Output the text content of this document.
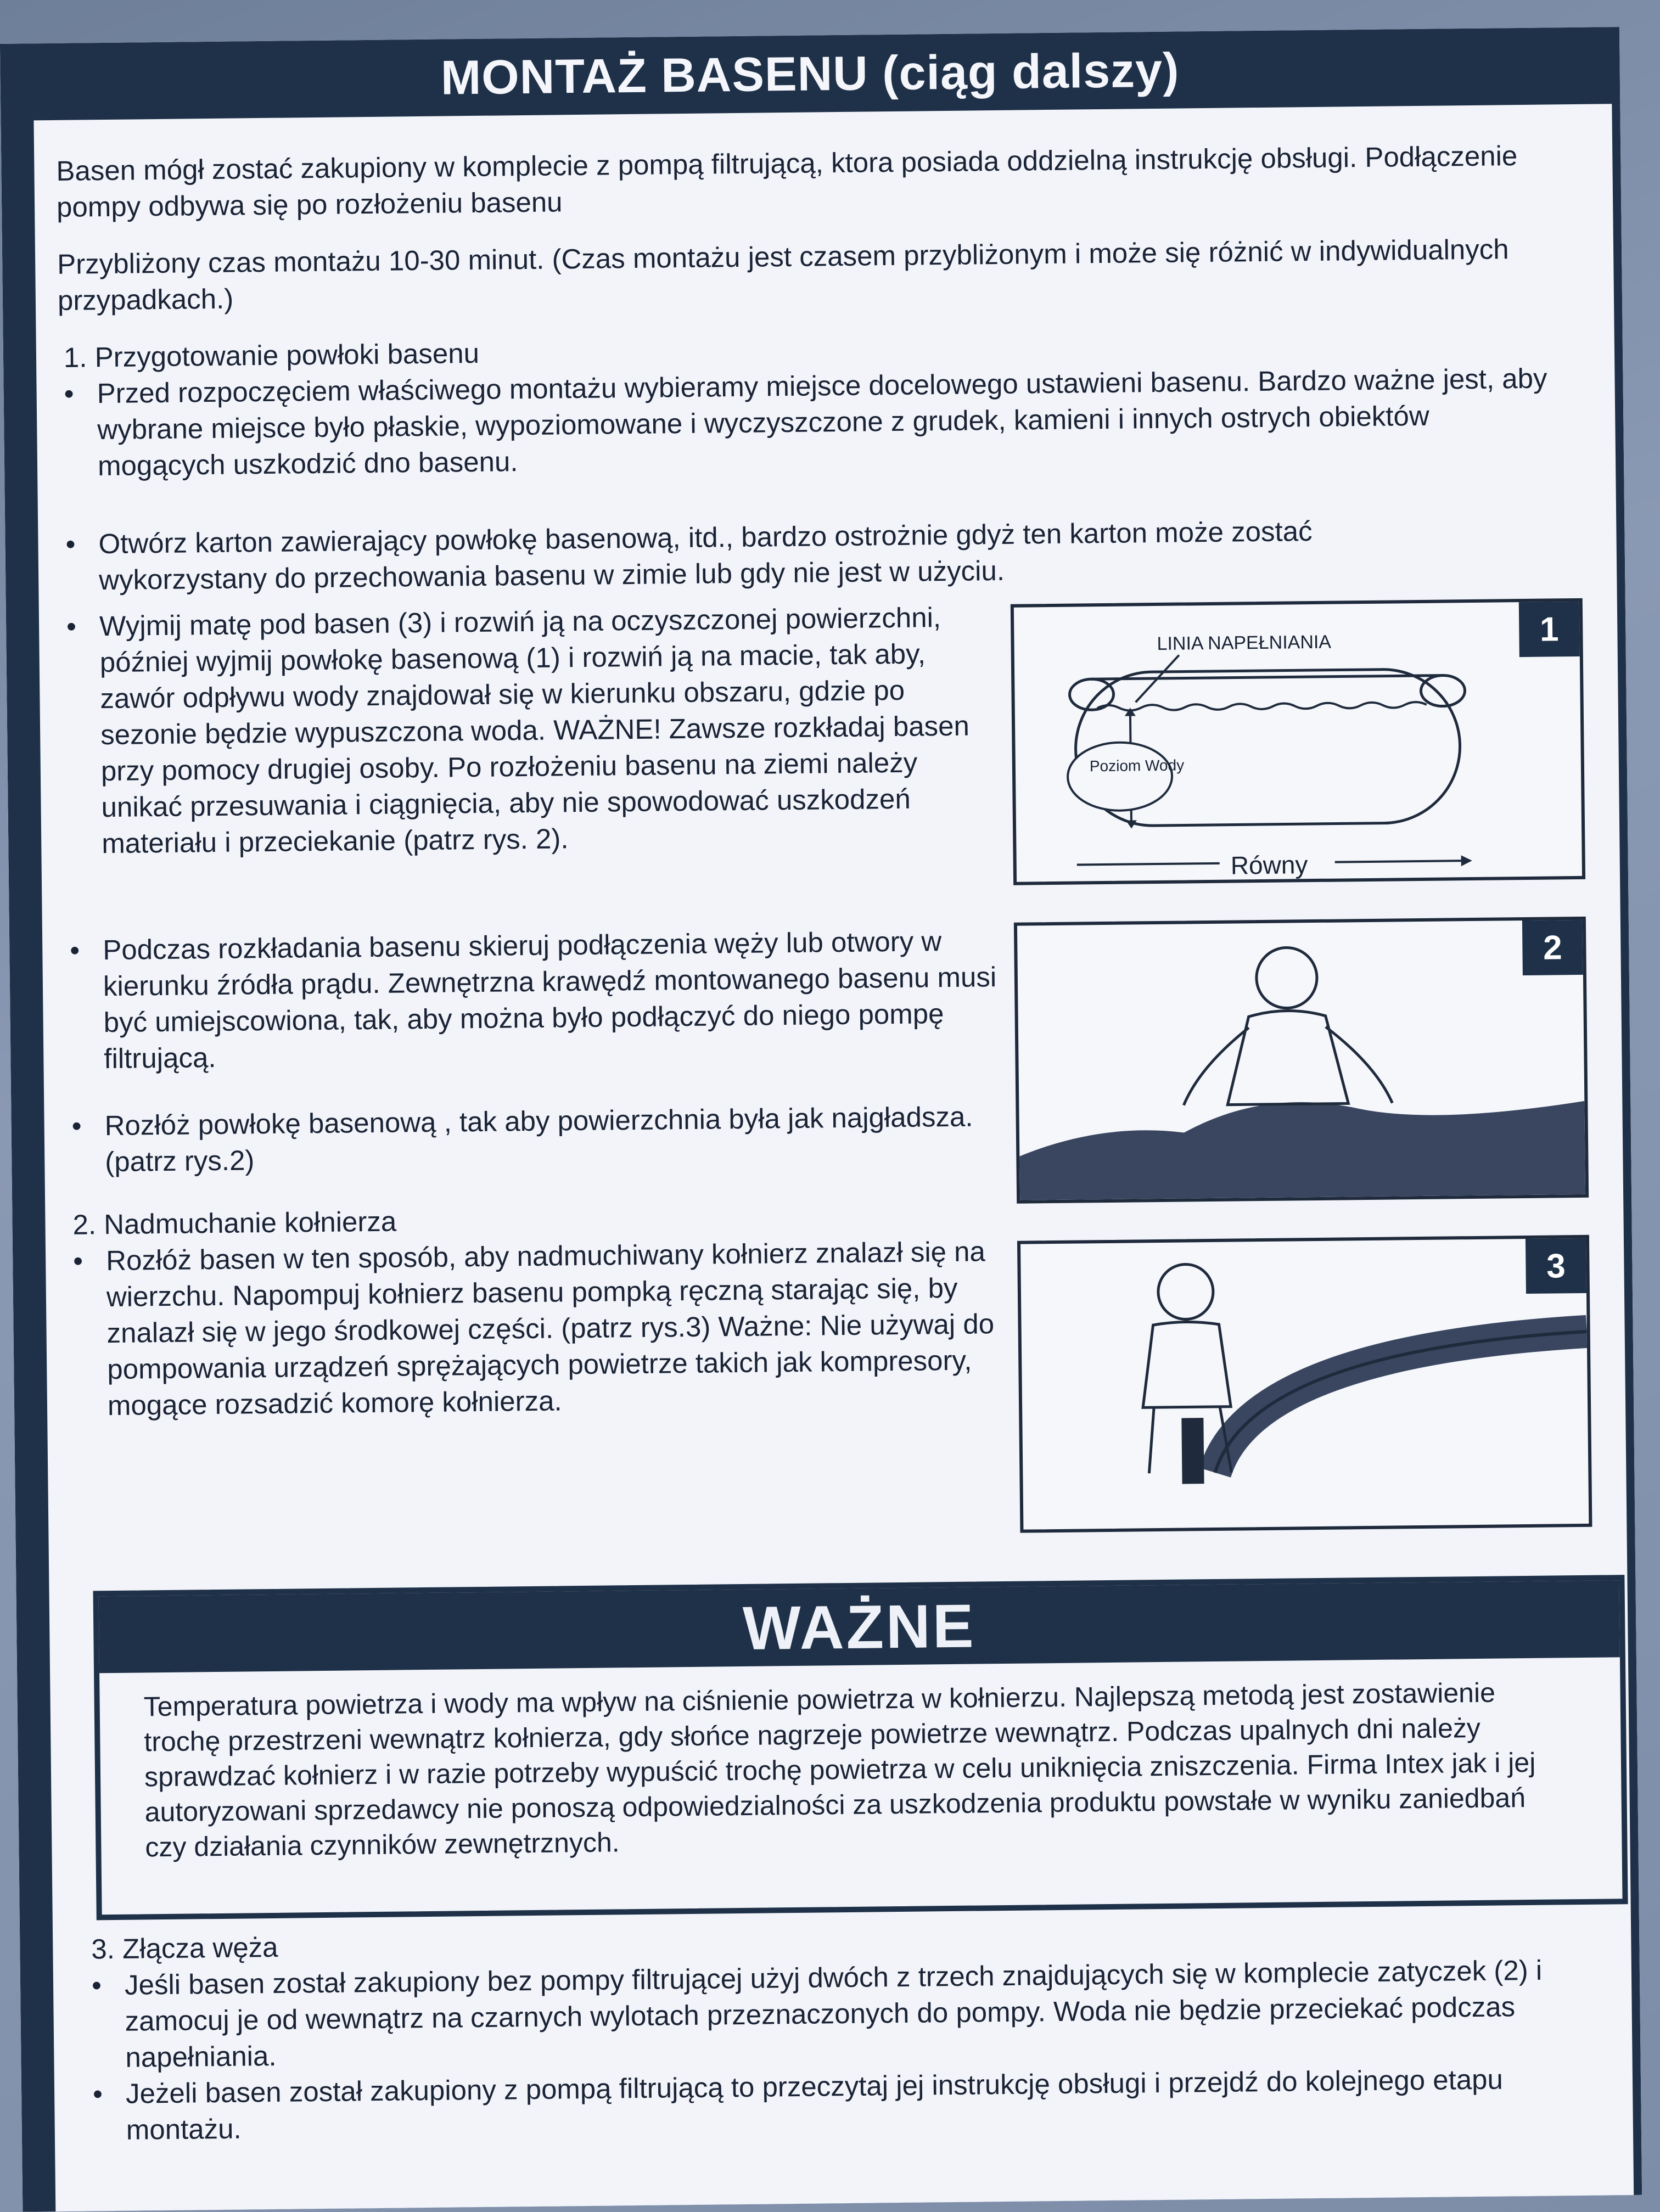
MONTAŻ BASENU (ciąg dalszy)
Basen mógł zostać zakupiony w komplecie z pompą filtrującą, ktora posiada oddzielną instrukcję obsługi. Podłączenie pompy odbywa się po rozłożeniu basenu
Przybliżony czas montażu 10-30 minut. (Czas montażu jest czasem przybliżonym i może się różnić w indywidualnych przypadkach.)
1. Przygotowanie powłoki basenu
• Przed rozpoczęciem właściwego montażu wybieramy miejsce docelowego ustawieni basenu. Bardzo ważne jest, aby wybrane miejsce było płaskie, wypoziomowane i wyczyszczone z grudek, kamieni i innych ostrych obiektów mogących uszkodzić dno basenu.
• Otwórz karton zawierający powłokę basenową, itd., bardzo ostrożnie gdyż ten karton może zostać wykorzystany do przechowania basenu w zimie lub gdy nie jest w użyciu.
• Wyjmij matę pod basen (3) i rozwiń ją na oczyszczonej powierzchni, później wyjmij powłokę basenową (1) i rozwiń ją na macie, tak aby, zawór odpływu wody znajdował się w kierunku obszaru, gdzie po sezonie będzie wypuszczona woda. WAŻNE! Zawsze rozkładaj basen przy pomocy drugiej osoby. Po rozłożeniu basenu na ziemi należy unikać przesuwania i ciągnięcia, aby nie spowodować uszkodzeń materiału i przeciekanie (patrz rys. 2).
• Podczas rozkładania basenu skieruj podłączenia węży lub otwory w kierunku źródła prądu. Zewnętrzna krawędź montowanego basenu musi być umiejscowiona, tak, aby można było podłączyć do niego pompę filtrującą.
• Rozłóż powłokę basenową , tak aby powierzchnia była jak najgładsza. (patrz rys.2)
2. Nadmuchanie kołnierza
• Rozłóż basen w ten sposób, aby nadmuchiwany kołnierz znalazł się na wierzchu. Napompuj kołnierz basenu pompką ręczną starając się, by znalazł się w jego środkowej części. (patrz rys.3) Ważne: Nie używaj do pompowania urządzeń sprężających powietrze takich jak kompresory, mogące rozsadzić komorę kołnierza.
1
LINIA NAPEŁNIANIA
Poziom Wody
Równy
2
3
WAŻNE
Temperatura powietrza i wody ma wpływ na ciśnienie powietrza w kołnierzu. Najlepszą metodą jest zostawienie trochę przestrzeni wewnątrz kołnierza, gdy słońce nagrzeje powietrze wewnątrz. Podczas upalnych dni należy sprawdzać kołnierz i w razie potrzeby wypuścić trochę powietrza w celu uniknięcia zniszczenia. Firma Intex jak i jej autoryzowani sprzedawcy nie ponoszą odpowiedzialności za uszkodzenia produktu powstałe w wyniku zaniedbań czy działania czynników zewnętrznych.
3. Złącza węża
• Jeśli basen został zakupiony bez pompy filtrującej użyj dwóch z trzech znajdujących się w komplecie zatyczek (2) i zamocuj je od wewnątrz na czarnych wylotach przeznaczonych do pompy. Woda nie będzie przeciekać podczas napełniania.
• Jeżeli basen został zakupiony z pompą filtrującą to przeczytaj jej instrukcję obsługi i przejdź do kolejnego etapu montażu.
